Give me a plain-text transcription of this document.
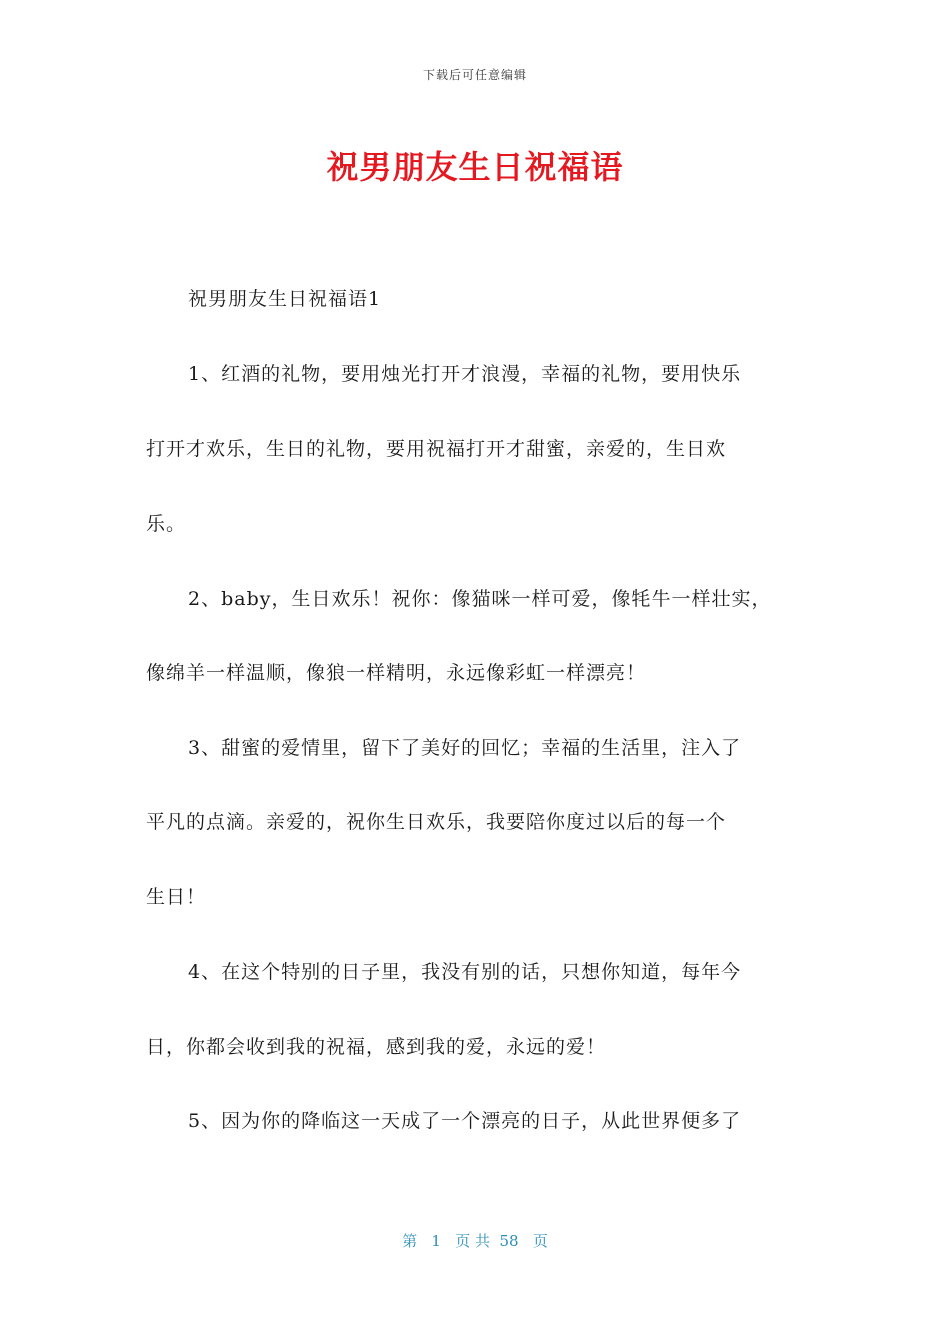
下载后可任意编辑
祝男朋友生日祝福语
祝男朋友生日祝福语1
1、红酒的礼物，要用烛光打开才浪漫，幸福的礼物，要用快乐
打开才欢乐，生日的礼物，要用祝福打开才甜蜜，亲爱的，生日欢
乐。
2、baby，生日欢乐！祝你：像猫咪一样可爱，像牦牛一样壮实，
像绵羊一样温顺，像狼一样精明，永远像彩虹一样漂亮！
3、甜蜜的爱情里，留下了美好的回忆；幸福的生活里，注入了
平凡的点滴。亲爱的，祝你生日欢乐，我要陪你度过以后的每一个
生日！
4、在这个特别的日子里，我没有别的话，只想你知道，每年今
日，你都会收到我的祝福，感到我的爱，永远的爱！
5、因为你的降临这一天成了一个漂亮的日子，从此世界便多了
第   1   页 共  58   页
